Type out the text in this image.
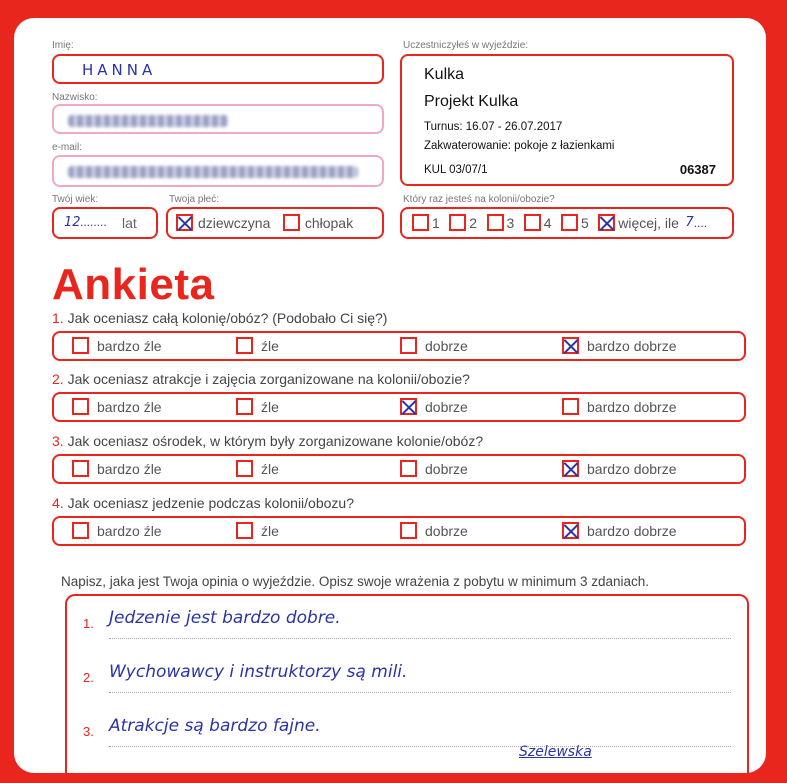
Imię:
HANNA
Nazwisko:
e-mail:
Twój wiek:
12 ........ lat
Twoja płeć:
dziewczyna chłopak
Uczestniczyłeś w wyjeździe:
Kulka
Projekt Kulka
Turnus: 16.07 - 26.07.2017
Zakwaterowanie: pokoje z łazienkami
KUL 03/07/1	06387
Który raz jesteś na kolonii/obozie?
1 2 3 4 5 więcej, ile 7....
Ankieta
1. Jak oceniasz całą kolonię/obóz? (Podobało Ci się?)
bardzo źle	źle	dobrze	bardzo dobrze
2. Jak oceniasz atrakcje i zajęcia zorganizowane na kolonii/obozie?
bardzo źle	źle	dobrze	bardzo dobrze
3. Jak oceniasz ośrodek, w którym były zorganizowane kolonie/obóz?
bardzo źle	źle	dobrze	bardzo dobrze
4. Jak oceniasz jedzenie podczas kolonii/obozu?
bardzo źle	źle	dobrze	bardzo dobrze
Napisz, jaka jest Twoja opinia o wyjeździe. Opisz swoje wrażenia z pobytu w minimum 3 zdaniach.
1. Jedzenie jest bardzo dobre.
2. Wychowawcy i instruktorzy są mili.
3. Atrakcje są bardzo fajne.
Szelewska
